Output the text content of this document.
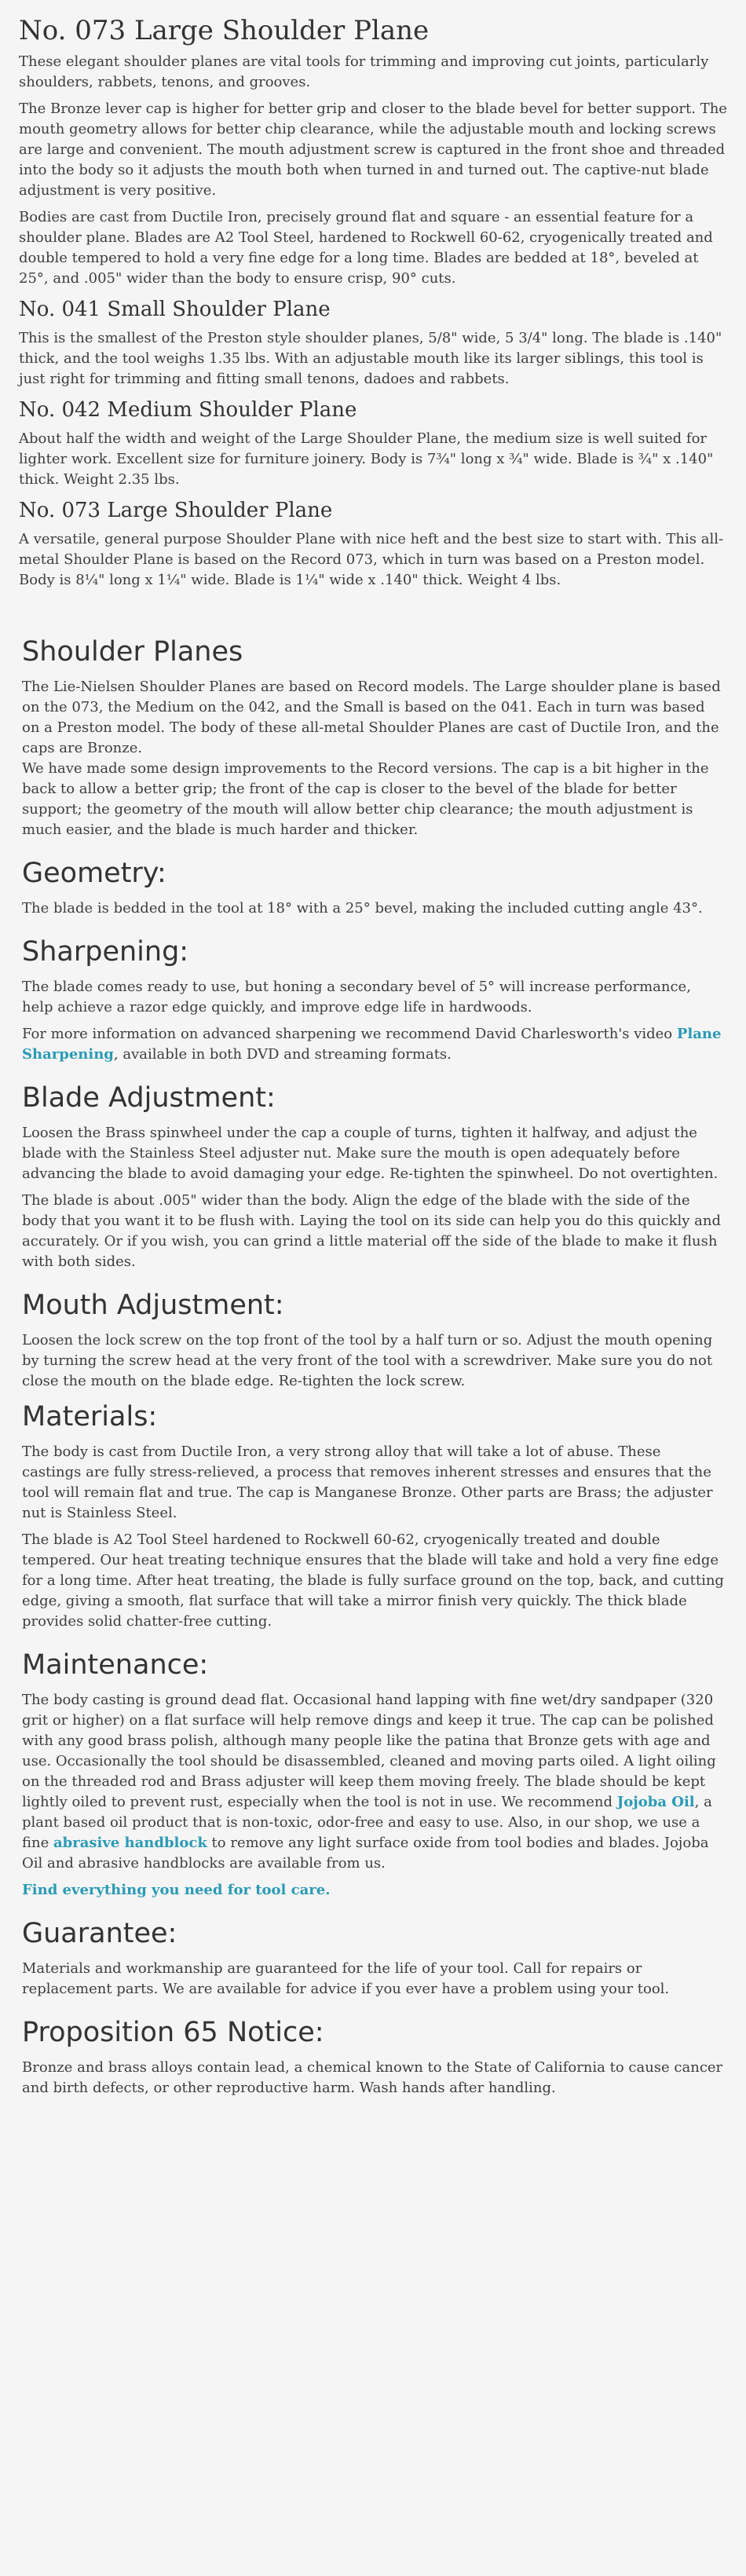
No. 073 Large Shoulder Plane

These elegant shoulder planes are vital tools for trimming and improving cut joints, particularly shoulders, rabbets, tenons, and grooves.

The Bronze lever cap is higher for better grip and closer to the blade bevel for better support. The mouth geometry allows for better chip clearance, while the adjustable mouth and locking screws are large and convenient. The mouth adjustment screw is captured in the front shoe and threaded into the body so it adjusts the mouth both when turned in and turned out. The captive-nut blade adjustment is very positive.

Bodies are cast from Ductile Iron, precisely ground flat and square - an essential feature for a shoulder plane. Blades are A2 Tool Steel, hardened to Rockwell 60-62, cryogenically treated and double tempered to hold a very fine edge for a long time. Blades are bedded at 18°, beveled at 25°, and .005" wider than the body to ensure crisp, 90° cuts.

No. 041 Small Shoulder Plane

This is the smallest of the Preston style shoulder planes, 5/8" wide, 5 3/4" long. The blade is .140" thick, and the tool weighs 1.35 lbs. With an adjustable mouth like its larger siblings, this tool is just right for trimming and fitting small tenons, dadoes and rabbets.

No. 042 Medium Shoulder Plane

About half the width and weight of the Large Shoulder Plane, the medium size is well suited for lighter work. Excellent size for furniture joinery. Body is 7¾" long x ¾" wide. Blade is ¾" x .140" thick. Weight 2.35 lbs.

No. 073 Large Shoulder Plane

A versatile, general purpose Shoulder Plane with nice heft and the best size to start with. This all-metal Shoulder Plane is based on the Record 073, which in turn was based on a Preston model. Body is 8¼" long x 1¼" wide. Blade is 1¼" wide x .140" thick. Weight 4 lbs.

Shoulder Planes

The Lie-Nielsen Shoulder Planes are based on Record models. The Large shoulder plane is based on the 073, the Medium on the 042, and the Small is based on the 041. Each in turn was based on a Preston model. The body of these all-metal Shoulder Planes are cast of Ductile Iron, and the caps are Bronze.

We have made some design improvements to the Record versions. The cap is a bit higher in the back to allow a better grip; the front of the cap is closer to the bevel of the blade for better support; the geometry of the mouth will allow better chip clearance; the mouth adjustment is much easier, and the blade is much harder and thicker.

Geometry:

The blade is bedded in the tool at 18° with a 25° bevel, making the included cutting angle 43°.

Sharpening:

The blade comes ready to use, but honing a secondary bevel of 5° will increase performance, help achieve a razor edge quickly, and improve edge life in hardwoods.

For more information on advanced sharpening we recommend David Charlesworth's video Plane Sharpening, available in both DVD and streaming formats.

Blade Adjustment:

Loosen the Brass spinwheel under the cap a couple of turns, tighten it halfway, and adjust the blade with the Stainless Steel adjuster nut. Make sure the mouth is open adequately before advancing the blade to avoid damaging your edge. Re-tighten the spinwheel. Do not overtighten.

The blade is about .005" wider than the body. Align the edge of the blade with the side of the body that you want it to be flush with. Laying the tool on its side can help you do this quickly and accurately. Or if you wish, you can grind a little material off the side of the blade to make it flush with both sides.

Mouth Adjustment:

Loosen the lock screw on the top front of the tool by a half turn or so. Adjust the mouth opening by turning the screw head at the very front of the tool with a screwdriver. Make sure you do not close the mouth on the blade edge. Re-tighten the lock screw.

Materials:

The body is cast from Ductile Iron, a very strong alloy that will take a lot of abuse. These castings are fully stress-relieved, a process that removes inherent stresses and ensures that the tool will remain flat and true. The cap is Manganese Bronze. Other parts are Brass; the adjuster nut is Stainless Steel.

The blade is A2 Tool Steel hardened to Rockwell 60-62, cryogenically treated and double tempered. Our heat treating technique ensures that the blade will take and hold a very fine edge for a long time. After heat treating, the blade is fully surface ground on the top, back, and cutting edge, giving a smooth, flat surface that will take a mirror finish very quickly. The thick blade provides solid chatter-free cutting.

Maintenance:

The body casting is ground dead flat. Occasional hand lapping with fine wet/dry sandpaper (320 grit or higher) on a flat surface will help remove dings and keep it true. The cap can be polished with any good brass polish, although many people like the patina that Bronze gets with age and use. Occasionally the tool should be disassembled, cleaned and moving parts oiled. A light oiling on the threaded rod and Brass adjuster will keep them moving freely. The blade should be kept lightly oiled to prevent rust, especially when the tool is not in use. We recommend Jojoba Oil, a plant based oil product that is non-toxic, odor-free and easy to use. Also, in our shop, we use a fine abrasive handblock to remove any light surface oxide from tool bodies and blades. Jojoba Oil and abrasive handblocks are available from us.

Find everything you need for tool care.

Guarantee:

Materials and workmanship are guaranteed for the life of your tool. Call for repairs or replacement parts. We are available for advice if you ever have a problem using your tool.

Proposition 65 Notice:

Bronze and brass alloys contain lead, a chemical known to the State of California to cause cancer and birth defects, or other reproductive harm. Wash hands after handling.
